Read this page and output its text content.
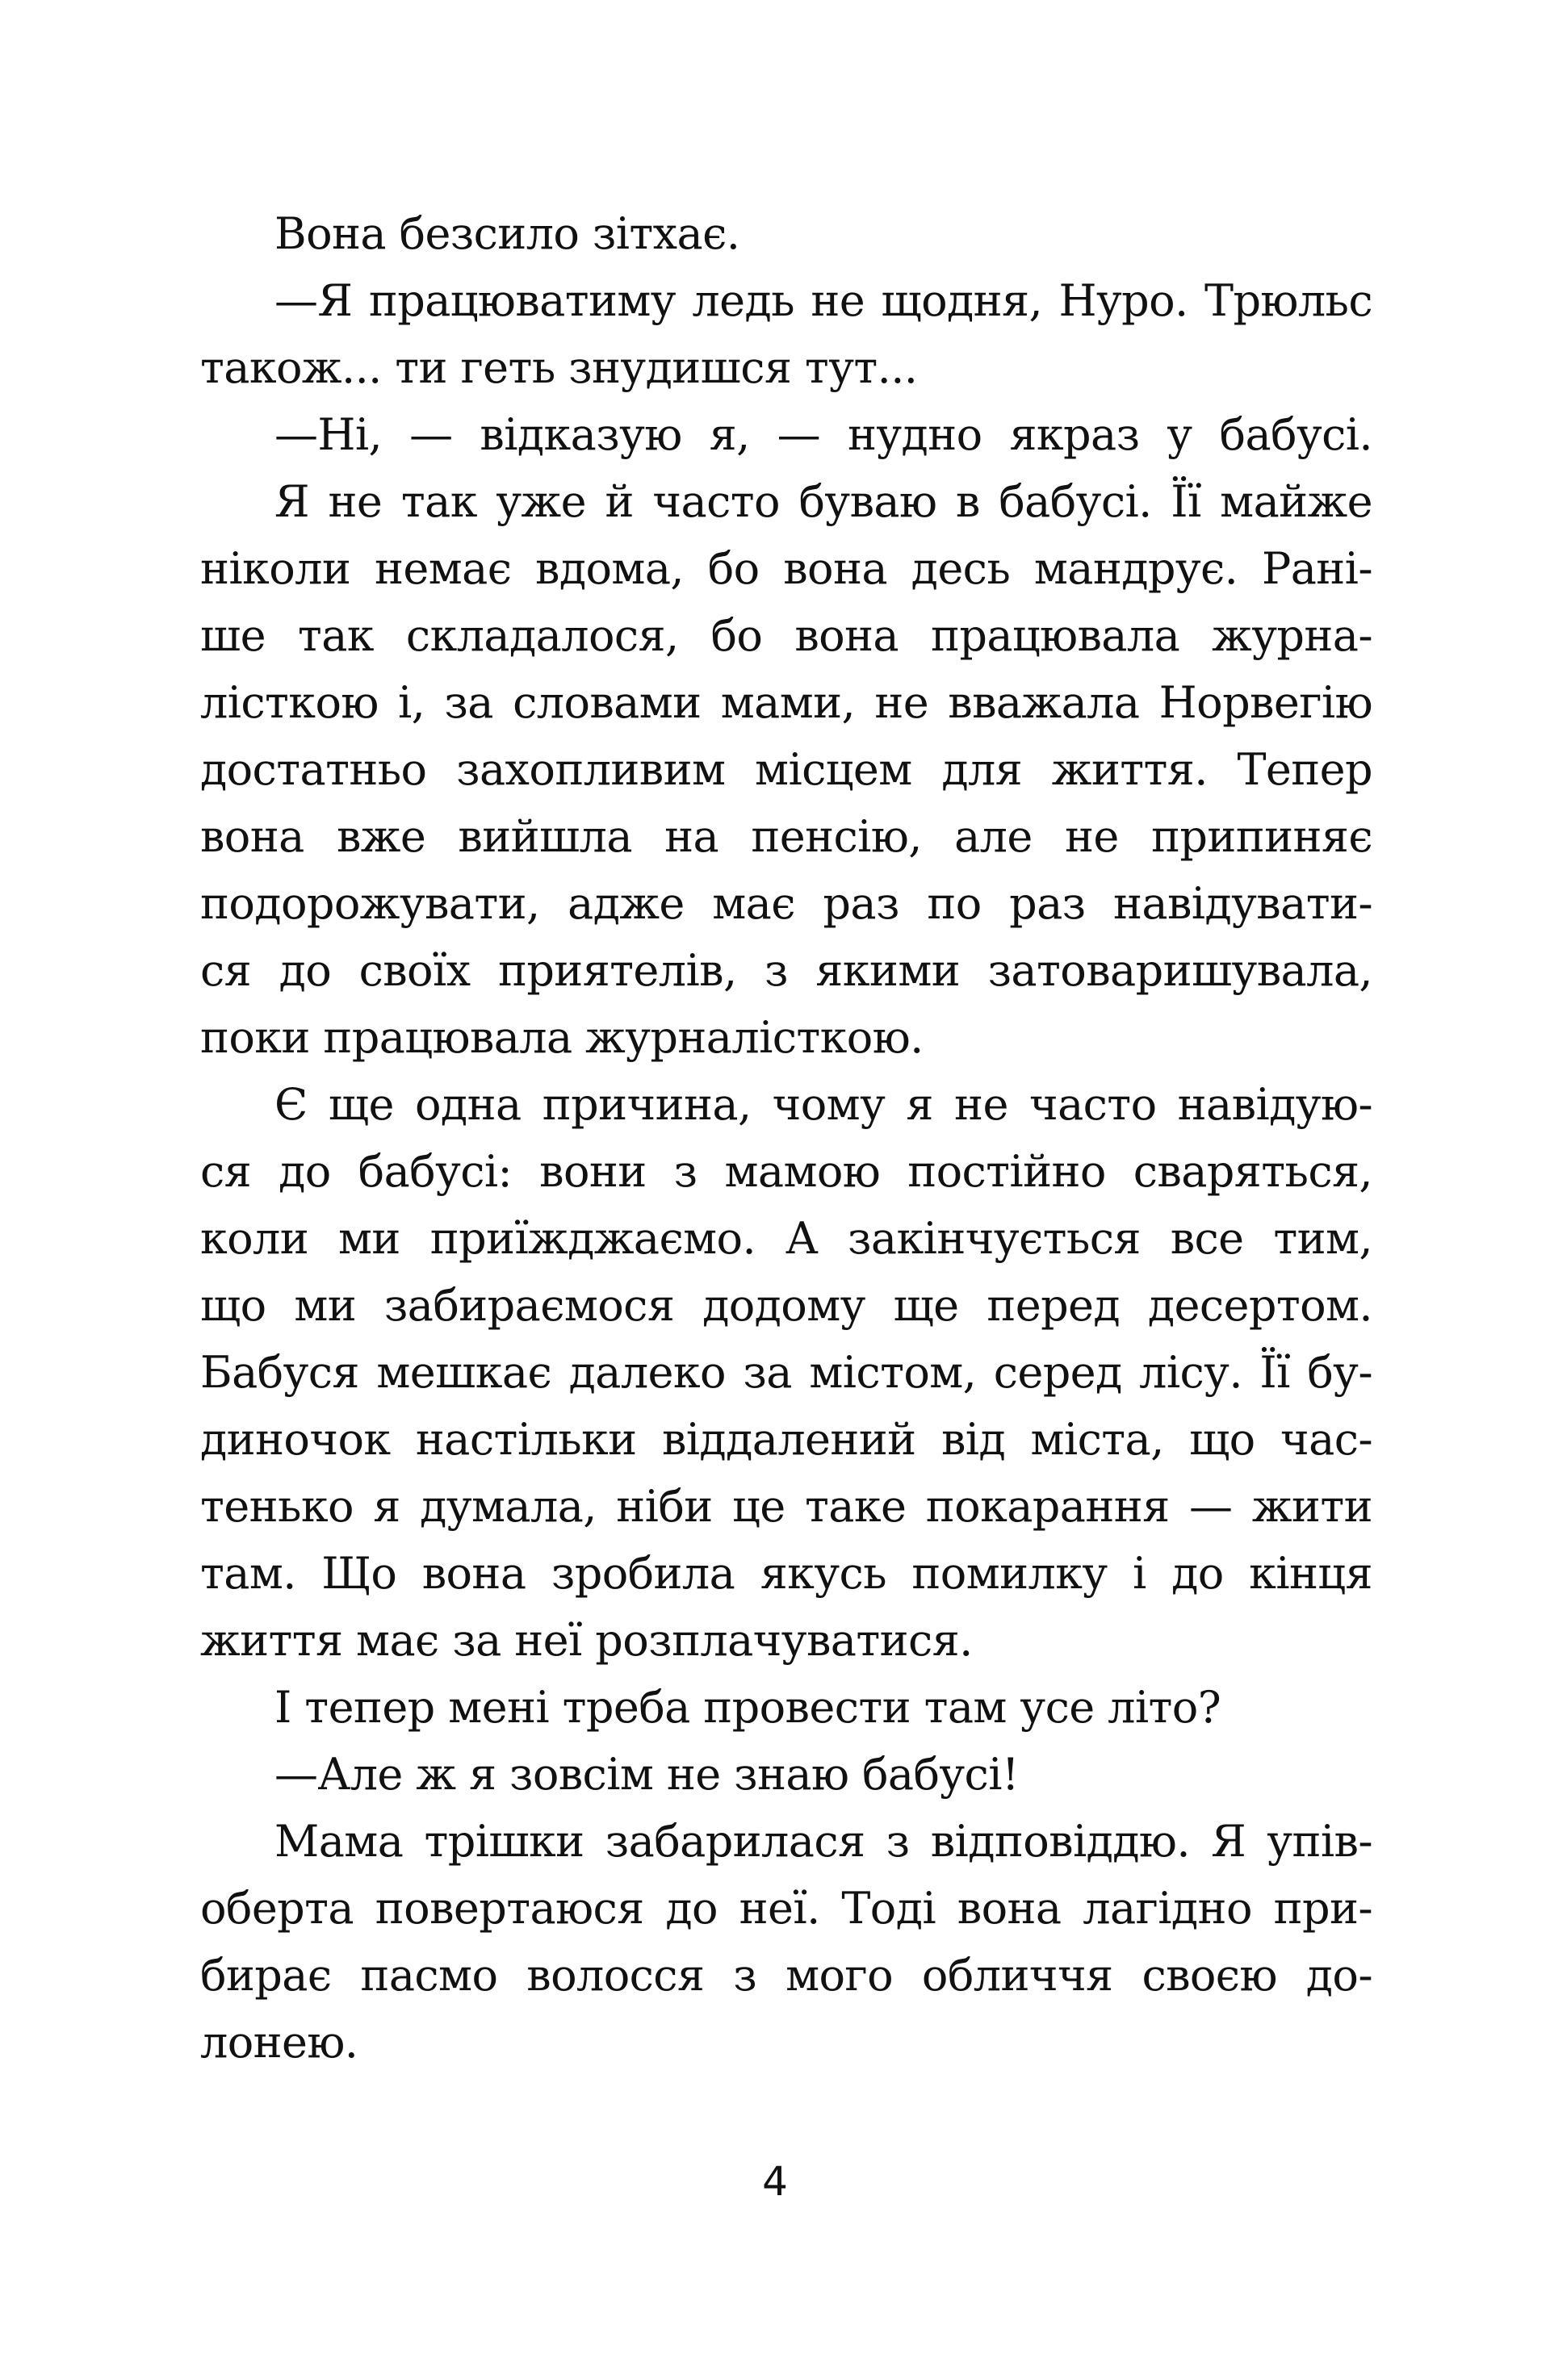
Вона безсило зітхає.
—Я працюватиму ледь не щодня, Нуро. Трюльс
також... ти геть знудишся тут...
—Ні, — відказую я, — нудно якраз у бабусі.
Я не так уже й часто буваю в бабусі. Її майже
ніколи немає вдома, бо вона десь мандрує. Рані-
ше так складалося, бо вона працювала журна-
лісткою і, за словами мами, не вважала Норвегію
достатньо захопливим місцем для життя. Тепер
вона вже вийшла на пенсію, але не припиняє
подорожувати, адже має раз по раз навідувати-
ся до своїх приятелів, з якими затоваришувала,
поки працювала журналісткою.
Є ще одна причина, чому я не часто навідую-
ся до бабусі: вони з мамою постійно сваряться,
коли ми приїжджаємо. А закінчується все тим,
що ми забираємося додому ще перед десертом.
Бабуся мешкає далеко за містом, серед лісу. Її бу-
диночок настільки віддалений від міста, що час-
тенько я думала, ніби це таке покарання — жити
там. Що вона зробила якусь помилку і до кінця
життя має за неї розплачуватися.
І тепер мені треба провести там усе літо?
—Але ж я зовсім не знаю бабусі!
Мама трішки забарилася з відповіддю. Я упів-
оберта повертаюся до неї. Тоді вона лагідно при-
бирає пасмо волосся з мого обличчя своєю до-
лонею.
4
